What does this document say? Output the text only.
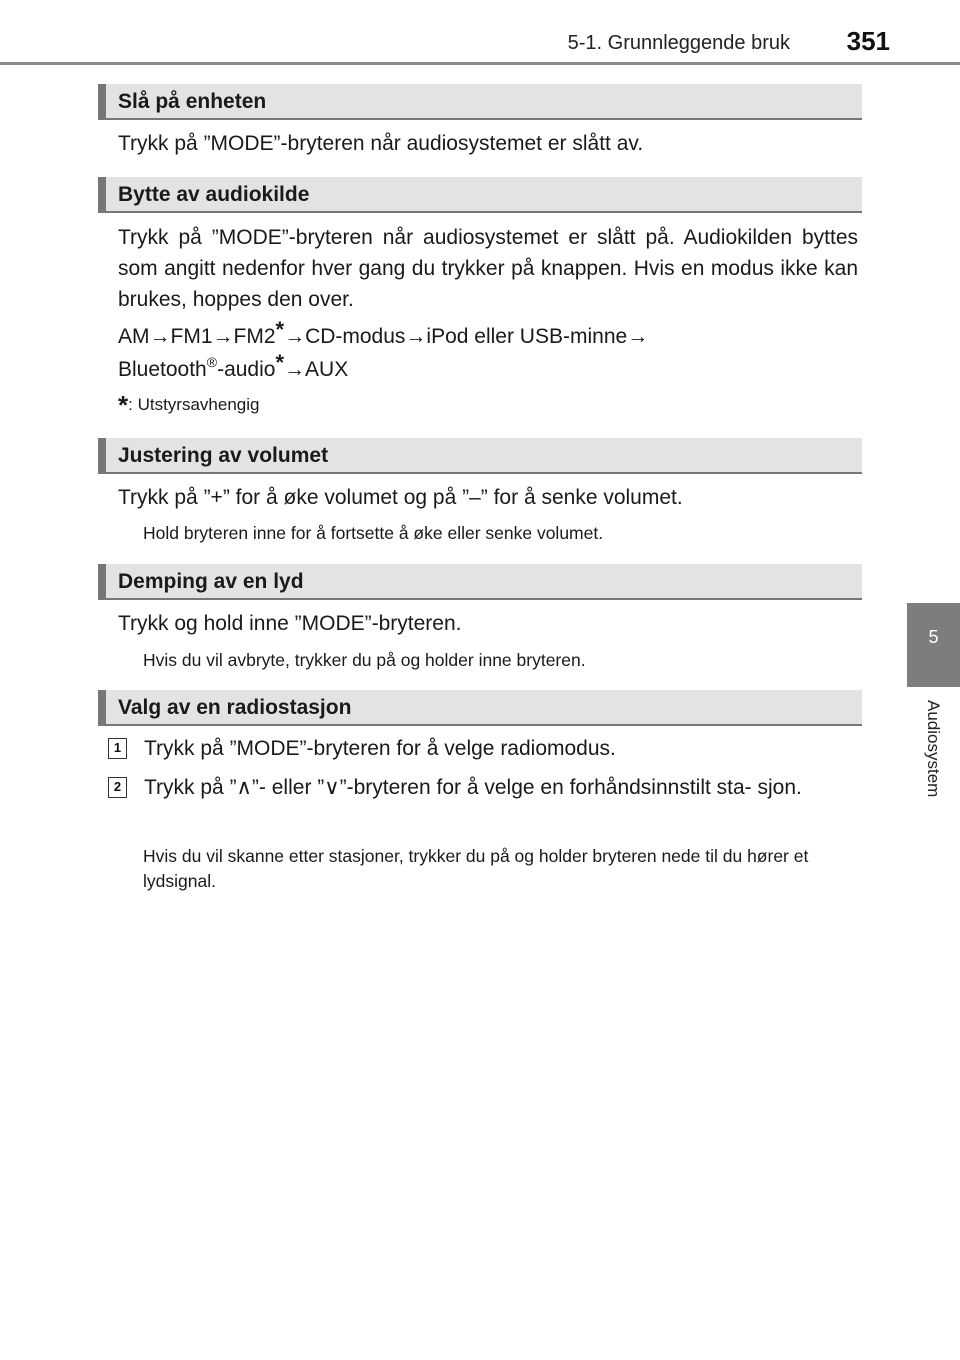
5-1. Grunnleggende bruk 351
5
Audiosystem
Slå på enheten
Trykk på ”MODE”-bryteren når audiosystemet er slått av.
Bytte av audiokilde
Trykk på ”MODE”-bryteren når audiosystemet er slått på. Audiokilden byttes som angitt nedenfor hver gang du trykker på knappen. Hvis en modus ikke kan brukes, hoppes den over.
AM→FM1→FM2*→CD-modus→iPod eller USB-minne→
Bluetooth®-audio*→AUX
*: Utstyrsavhengig
Justering av volumet
Trykk på ”+” for å øke volumet og på ”–” for å senke volumet.
Hold bryteren inne for å fortsette å øke eller senke volumet.
Demping av en lyd
Trykk og hold inne ”MODE”-bryteren.
Hvis du vil avbryte, trykker du på og holder inne bryteren.
Valg av en radiostasjon
1 Trykk på ”MODE”-bryteren for å velge radiomodus.
2 Trykk på ”∧”- eller ”∨”-bryteren for å velge en forhåndsinnstilt sta- sjon.
Hvis du vil skanne etter stasjoner, trykker du på og holder bryteren nede til du hører et lydsignal.
